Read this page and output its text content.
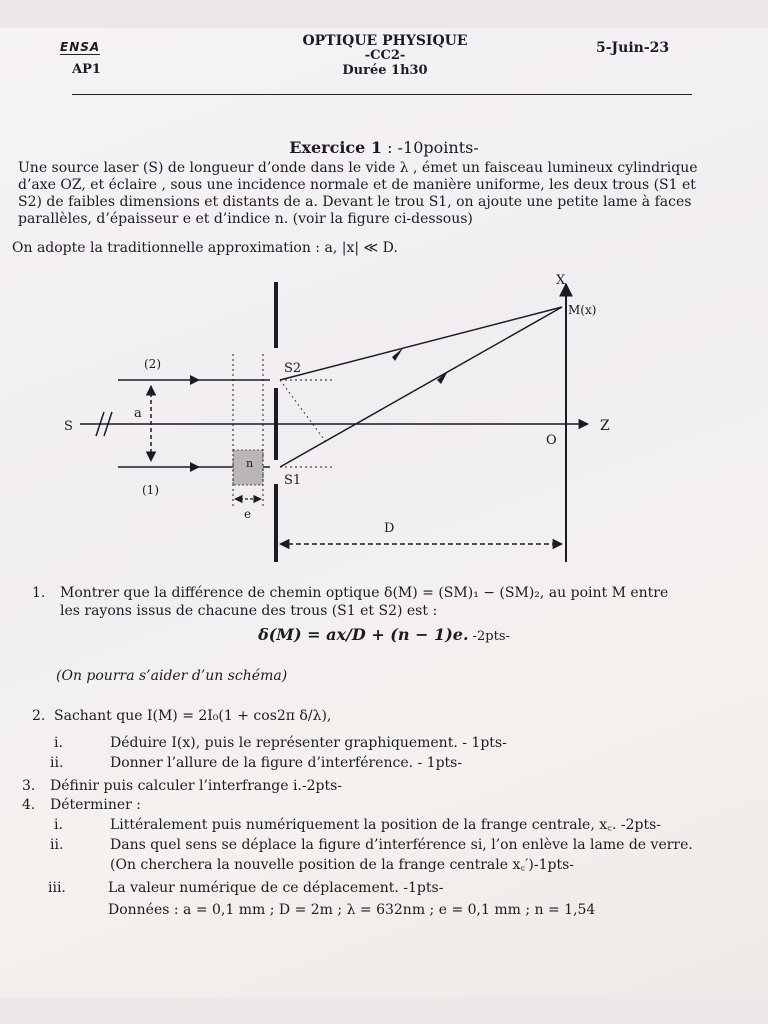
ENSA
AP1
OPTIQUE PHYSIQUE
-CC2-
Durée 1h30
5-Juin-23
Exercice 1 : -10points-
Une source laser (S) de longueur d’onde dans le vide λ , émet un faisceau lumineux cylindrique
d’axe OZ, et éclaire , sous une incidence normale et de manière uniforme, les deux trous (S1 et
S2) de faibles dimensions et distants de a. Devant le trou S1, on ajoute une petite lame à faces
parallèles, d’épaisseur e et d’indice n. (voir la figure ci-dessous)
On adopte la traditionnelle approximation : a, |x| ≪ D.
X
M(x)
Z
O
S
S2
S1
a
D
e
n
(1)
(2)
1. Montrer que la différence de chemin optique δ(M) = (SM)₁ − (SM)₂, au point M entre
les rayons issus de chacune des trous (S1 et S2) est :
δ(M) = ax/D + (n − 1)e. -2pts-
(On pourra s’aider d’un schéma)
2. Sachant que I(M) = 2I₀(1 + cos2π δ/λ),
i.	Déduire I(x), puis le représenter graphiquement. - 1pts-
ii.	Donner l’allure de la figure d’interférence. - 1pts-
3. Définir puis calculer l’interfrange i.-2pts-
4. Déterminer :
i.	Littéralement puis numériquement la position de la frange centrale, x꜀. -2pts-
ii.	Dans quel sens se déplace la figure d’interférence si, l’on enlève la lame de verre.
(On cherchera la nouvelle position de la frange centrale x꜀′)-1pts-
iii.	La valeur numérique de ce déplacement. -1pts-
Données : a = 0,1 mm ; D = 2m ; λ = 632nm ; e = 0,1 mm ; n = 1,54
